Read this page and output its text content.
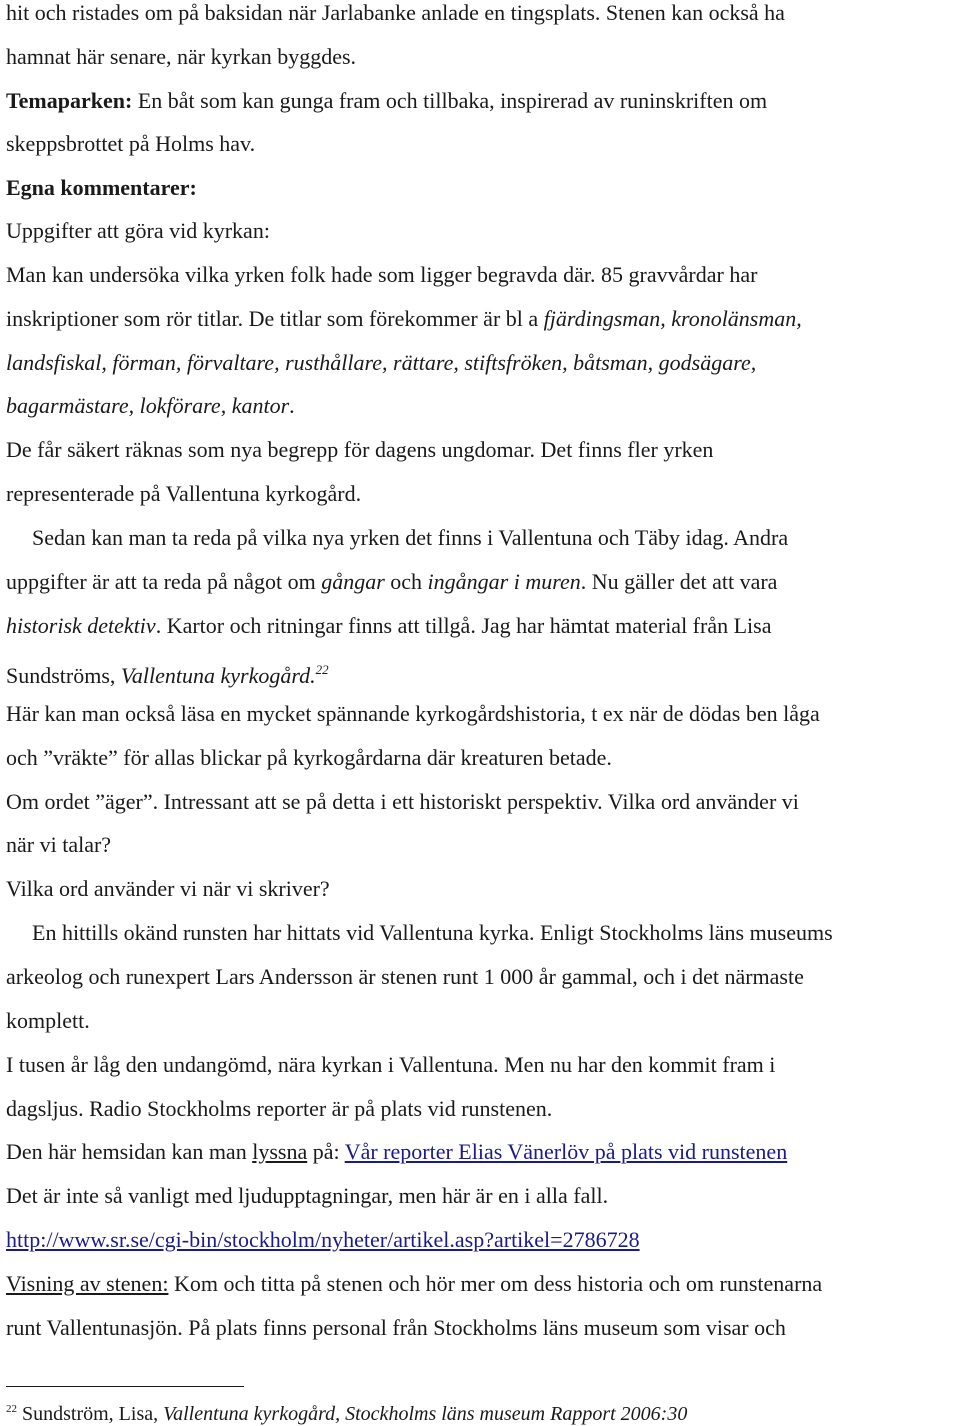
hit och ristades om på baksidan när Jarlabanke anlade en tingsplats. Stenen kan också ha
hamnat här senare, när kyrkan byggdes.
Temaparken: En båt som kan gunga fram och tillbaka, inspirerad av runinskriften om
skeppsbrottet på Holms hav.
Egna kommentarer:
Uppgifter att göra vid kyrkan:
Man kan undersöka vilka yrken folk hade som ligger begravda där. 85 gravvårdar har
inskriptioner som rör titlar. De titlar som förekommer är bl a fjärdingsman, kronolänsman,
landsfiskal, förman, förvaltare, rusthållare, rättare, stiftsfröken, båtsman, godsägare,
bagarmästare, lokförare, kantor.
De får säkert räknas som nya begrepp för dagens ungdomar. Det finns fler yrken
representerade på Vallentuna kyrkogård.
Sedan kan man ta reda på vilka nya yrken det finns i Vallentuna och Täby idag. Andra
uppgifter är att ta reda på något om gångar och ingångar i muren. Nu gäller det att vara
historisk detektiv. Kartor och ritningar finns att tillgå. Jag har hämtat material från Lisa
Sundströms, Vallentuna kyrkogård.$^{22}$
Här kan man också läsa en mycket spännande kyrkogårdshistoria, t ex när de dödas ben låga
och ”vräkte” för allas blickar på kyrkogårdarna där kreaturen betade.
Om ordet ”äger”. Intressant att se på detta i ett historiskt perspektiv. Vilka ord använder vi
när vi talar?
Vilka ord använder vi när vi skriver?
En hittills okänd runsten har hittats vid Vallentuna kyrka. Enligt Stockholms läns museums
arkeolog och runexpert Lars Andersson är stenen runt 1 000 år gammal, och i det närmaste
komplett.
I tusen år låg den undangömd, nära kyrkan i Vallentuna. Men nu har den kommit fram i
dagsljus. Radio Stockholms reporter är på plats vid runstenen.
Den här hemsidan kan man lyssna på: Vår reporter Elias Vänerlöv på plats vid runstenen
Det är inte så vanligt med ljudupptagningar, men här är en i alla fall.
http://www.sr.se/cgi-bin/stockholm/nyheter/artikel.asp?artikel=2786728
Visning av stenen: Kom och titta på stenen och hör mer om dess historia och om runstenarna
runt Vallentunasjön. På plats finns personal från Stockholms läns museum som visar och
$^{22}$ Sundström, Lisa, Vallentuna kyrkogård, Stockholms läns museum Rapport 2006:30
